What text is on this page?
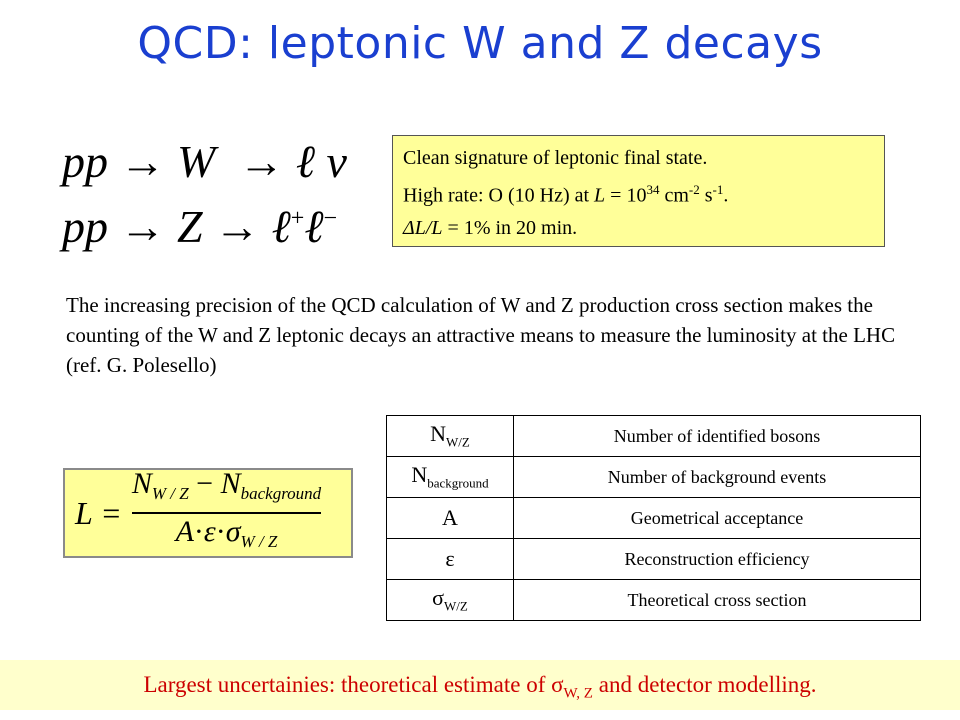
QCD: leptonic W and Z decays
pp → W → ℓ ν
pp → Z → ℓ+ℓ−
Clean signature of leptonic final state.
High rate: O (10 Hz) at $L = 10^{34}$ $cm^{-2}$ $s^{-1}$.
ΔL/L = 1% in 20 min.
The increasing precision of the QCD calculation of W and Z production cross section makes the counting of the W and Z leptonic decays an attractive means to measure the luminosity at the LHC (ref. G. Polesello)
$L = \frac{N_{W / Z} - N_{background}}{A\cdot\varepsilon\cdot\sigma_{W / Z}}$
$N_{W/Z}$	Number of identified bosons
$N_{background}$	Number of background events
A	Geometrical acceptance
ε	Reconstruction efficiency
$\sigma_{W/Z}$	Theoretical cross section
Largest uncertainies: theoretical estimate of $\sigma_{W, Z}$ and detector modelling.
